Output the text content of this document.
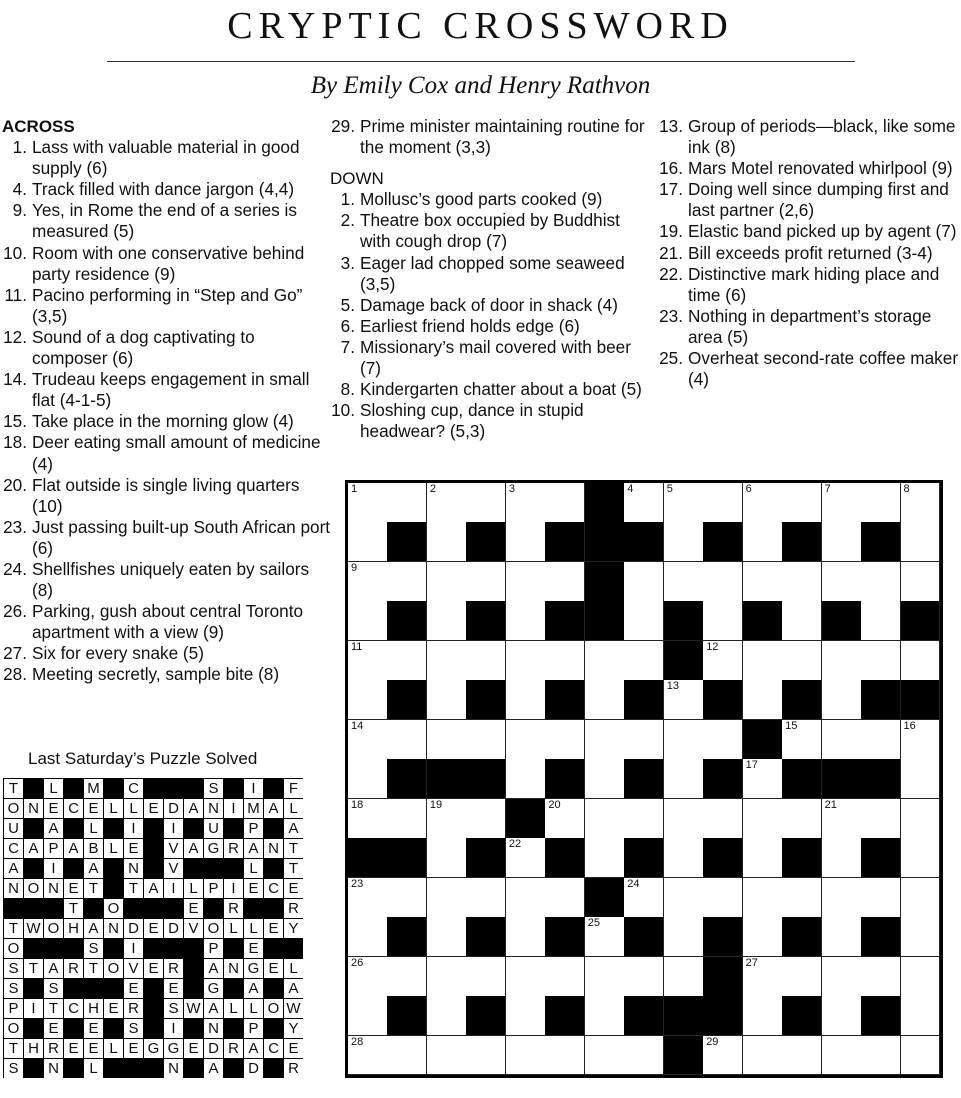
CRYPTIC CROSSWORD
By Emily Cox and Henry Rathvon
ACROSS
1. Lass with valuable material in good supply (6)
4. Track filled with dance jargon (4,4)
9. Yes, in Rome the end of a series is measured (5)
10. Room with one conservative behind party residence (9)
11. Pacino performing in “Step and Go” (3,5)
12. Sound of a dog captivating to composer (6)
14. Trudeau keeps engagement in small flat (4-1-5)
15. Take place in the morning glow (4)
18. Deer eating small amount of medicine (4)
20. Flat outside is single living quarters (10)
23. Just passing built-up South African port (6)
24. Shellfishes uniquely eaten by sailors (8)
26. Parking, gush about central Toronto apartment with a view (9)
27. Six for every snake (5)
28. Meeting secretly, sample bite (8)
29. Prime minister maintaining routine for the moment (3,3)
DOWN
1. Mollusc’s good parts cooked (9)
2. Theatre box occupied by Buddhist with cough drop (7)
3. Eager lad chopped some seaweed (3,5)
5. Damage back of door in shack (4)
6. Earliest friend holds edge (6)
7. Missionary’s mail covered with beer (7)
8. Kindergarten chatter about a boat (5)
10. Sloshing cup, dance in stupid headwear? (5,3)
13. Group of periods—black, like some ink (8)
16. Mars Motel renovated whirlpool (9)
17. Doing well since dumping first and last partner (2,6)
19. Elastic band picked up by agent (7)
21. Bill exceeds profit returned (3-4)
22. Distinctive mark hiding place and time (6)
23. Nothing in department’s storage area (5)
25. Overheat second-rate coffee maker (4)
1	2	3	4	5	6	7	8
9
11	12
13
14	15	16
17
18	19	20	21
22
23	24
25
26	27
28	29
Last Saturday’s Puzzle Solved
T	L	M C	S	I	F
O N E C E L L E D A N I M A L
U A	L	I	I	U P	A
C A P A B L E	V A G R A N T
A	I	A	N V	L	T
N O N E T	T A I L P I E C E
T	O	E	R	R
T W O H A N D E D V O L L E Y
O	S	I	P	E
S T A R T O V E R A N G E L
S	S	E	E	G A	A
P I T C H E R S W A L L O W
O E	E	S	I	N P	Y
T H R E E L E G G E D R A C E
S	N	L	N A	D R
